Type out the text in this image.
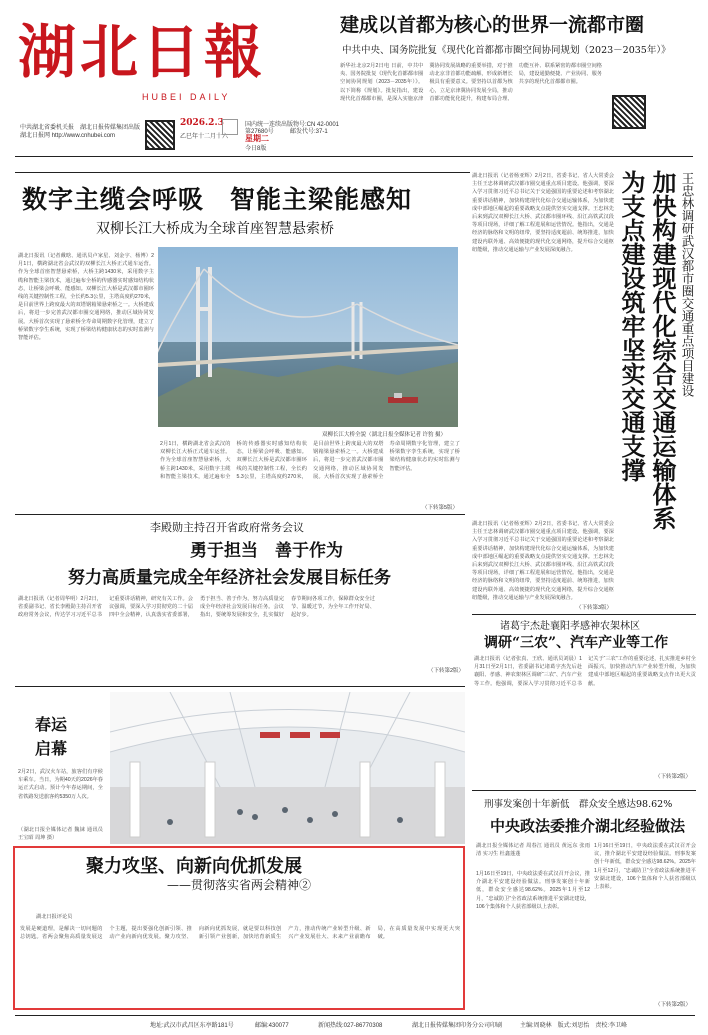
湖北日報
HUBEI DAILY
中共湖北省委机关报　湖北日报传媒集团出版
湖北日报网 http://www.cnhubei.com
2026.2.3
乙巳年十二月十六
国内统一连续出版物号:CN 42-0001
第27680号	邮发代号:37-1
星期二
今日8版
建成以首都为核心的世界一流都市圈
中共中央、国务院批复《现代化首都都市圈空间协同规划（2023－2035年）》
新华社北京2月2日电 日前，中共中央、国务院批复《现代化首都都市圈空间协同规划（2023－2035年）》。以下简称《规划》。批复指出，建设现代化首都都市圈，是深入实施京津冀协同发展战略的重要举措，对于推动北京非首都功能疏解，形成新增长极具有重要意义。要坚持以首都为核心，立足京津冀协同发展全局，推动首都功能优化提升，构建布局合理、功能互补、联系紧密的都市圈空间格局，建设通勤便捷、产业协同、服务共享的现代化首都都市圈。
数字主缆会呼吸　智能主梁能感知
双柳长江大桥成为全球首座智慧悬索桥
湖北日报讯（记者戴晗、通讯员卢家星、刘金宇、杨博）2月1日，横跨湖北省会武汉的双柳长江大桥正式通车运营。作为全球首座智慧悬索桥，大桥主跨1430米，采用数字主缆和智能主梁技术，通过遍布全桥的传感器实时感知结构状态，让桥梁会呼吸、能感知。双柳长江大桥是武汉都市圈环线的关键控制性工程，全长约5.3公里，主塔高度约270米，是目前世界上跨度最大的双塔钢箱梁悬索桥之一。大桥建成后，将进一步完善武汉都市圈交通网络，推动区域协同发展。大桥首次实现了悬索桥全寿命周期数字化管理，建立了桥梁数字孪生系统，实现了桥梁结构健康状态的实时监测与智能评估。
双柳长江大桥全貌（湖北日报全媒体记者 许豹 摄）
2月1日，横跨湖北省会武汉的双柳长江大桥正式通车运营。作为全球首座智慧悬索桥，大桥主跨1430米，采用数字主缆和智能主梁技术，通过遍布全桥的传感器实时感知结构状态，让桥梁会呼吸、能感知。双柳长江大桥是武汉都市圈环线的关键控制性工程，全长约5.3公里，主塔高度约270米，是目前世界上跨度最大的双塔钢箱梁悬索桥之一。大桥建成后，将进一步完善武汉都市圈交通网络，推动区域协同发展。大桥首次实现了悬索桥全寿命周期数字化管理，建立了桥梁数字孪生系统，实现了桥梁结构健康状态的实时监测与智能评估。
（下转第5版）
湖北日报讯（记者杨亚辉）2月2日，省委书记、省人大常委会主任王忠林调研武汉都市圈交通重点项目建设。他强调，要深入学习贯彻习近平总书记关于交通强国的重要论述和考察湖北重要讲话精神，加快构建现代化综合交通运输体系，为加快建成中部地区崛起的重要战略支点提供坚实交通支撑。王忠林先后来到武汉双柳长江大桥、武汉都市圈环线、沿江高铁武汉段等项目现场，详细了解工程进展和运营情况。他指出，交通是经济的脉络和文明的纽带，要坚持适度超前、统筹推进，加快建设内联外通、高效便捷的现代化交通网络，提升综合交通枢纽能级，推动交通运输与产业发展深度融合。	加快构建现代化综合交通运输体系为支点建设筑牢坚实交通支撑	王忠林调研武汉都市圈交通重点项目建设
湖北日报讯（记者杨亚辉）2月2日，省委书记、省人大常委会主任王忠林调研武汉都市圈交通重点项目建设。他强调，要深入学习贯彻习近平总书记关于交通强国的重要论述和考察湖北重要讲话精神，加快构建现代化综合交通运输体系，为加快建成中部地区崛起的重要战略支点提供坚实交通支撑。王忠林先后来到武汉双柳长江大桥、武汉都市圈环线、沿江高铁武汉段等项目现场，详细了解工程进展和运营情况。他指出，交通是经济的脉络和文明的纽带，要坚持适度超前、统筹推进，加快建设内联外通、高效便捷的现代化交通网络，提升综合交通枢纽能级，推动交通运输与产业发展深度融合。
（下转第3版）
李殿勋主持召开省政府常务会议
勇于担当　善于作为
努力高质量完成全年经济社会发展目标任务
湖北日报讯（记者周华明）2月2日，省委副书记、省长李殿勋主持召开省政府常务会议，传达学习习近平总书记重要讲话精神，研究有关工作。会议强调，要深入学习贯彻党的二十届四中全会精神，认真落实省委部署，勇于担当、善于作为，努力高质量完成全年经济社会发展目标任务。会议指出，要统筹发展和安全，扎实做好春节期间各项工作，保障群众安全过节、温暖过节，为全年工作开好局、起好步。
（下转第2版）
诸葛宇杰赴襄阳孝感神农架林区
调研“三农”、汽车产业等工作
湖北日报讯（记者张真、王欣、通讯员刘晨）1月31日至2月1日，省委副书记诸葛宇杰先后赴襄阳、孝感、神农架林区调研“三农”、汽车产业等工作。他强调，要深入学习贯彻习近平总书记关于“三农”工作的重要论述，扎实推进乡村全面振兴，加快推动汽车产业转型升级，为加快建成中部地区崛起的重要战略支点作出更大贡献。
（下转第2版）
春运
启幕
2月2日，武汉火车站，旅客们有序候车乘车。当日，为期40天的2026年春运正式启动。预计今年春运期间，全省铁路发送旅客约5350万人次。
（湖北日报全媒体记者 魏铼 通讯员 王宝昭 周坤 摄）
刑事发案创十年新低　群众安全感达98.62%
中央政法委推介湖北经验做法
湖北日报全媒体记者 周春江 通讯员 黄远东 张雨清 实习生 杜鑫蓬蓬
1月16日至19日，中央政法委在武汉召开会议，推介湖北平安建设经验做法。刑事发案创十年新低，群众安全感达98.62%。2025年1月至12月，“忠诚防卫”全省政法系统推进平安湖北建设，106个集体和个人获省部级以上表彰。
1月16日至19日，中央政法委在武汉召开会议，推介湖北平安建设经验做法。刑事发案创十年新低，群众安全感达98.62%。2025年1月至12月，“忠诚防卫”全省政法系统推进平安湖北建设，106个集体和个人获省部级以上表彰。
（下转第2版）
聚力攻坚、向新向优抓发展
——贯彻落实省两会精神②
湖北日报评论员
发展是硬道理，是解决一切问题的总钥匙。省两会聚焦高质量发展这个主题，提出要强化创新引领、推动产业向新向优发展。聚力攻坚、向新向优抓发展，就是要以科技创新引领产业创新，加快培育新质生产力，推动传统产业转型升级、新兴产业发展壮大、未来产业前瞻布局，在高质量发展中实现更大突破。
地址:武汉市武昌区东亭路181号	邮编:430077	新闻热线:027-86770308	湖北日报传媒集团印务分公司印刷	主编:周晓林　版式:刘思怡　责校:李卫峰
